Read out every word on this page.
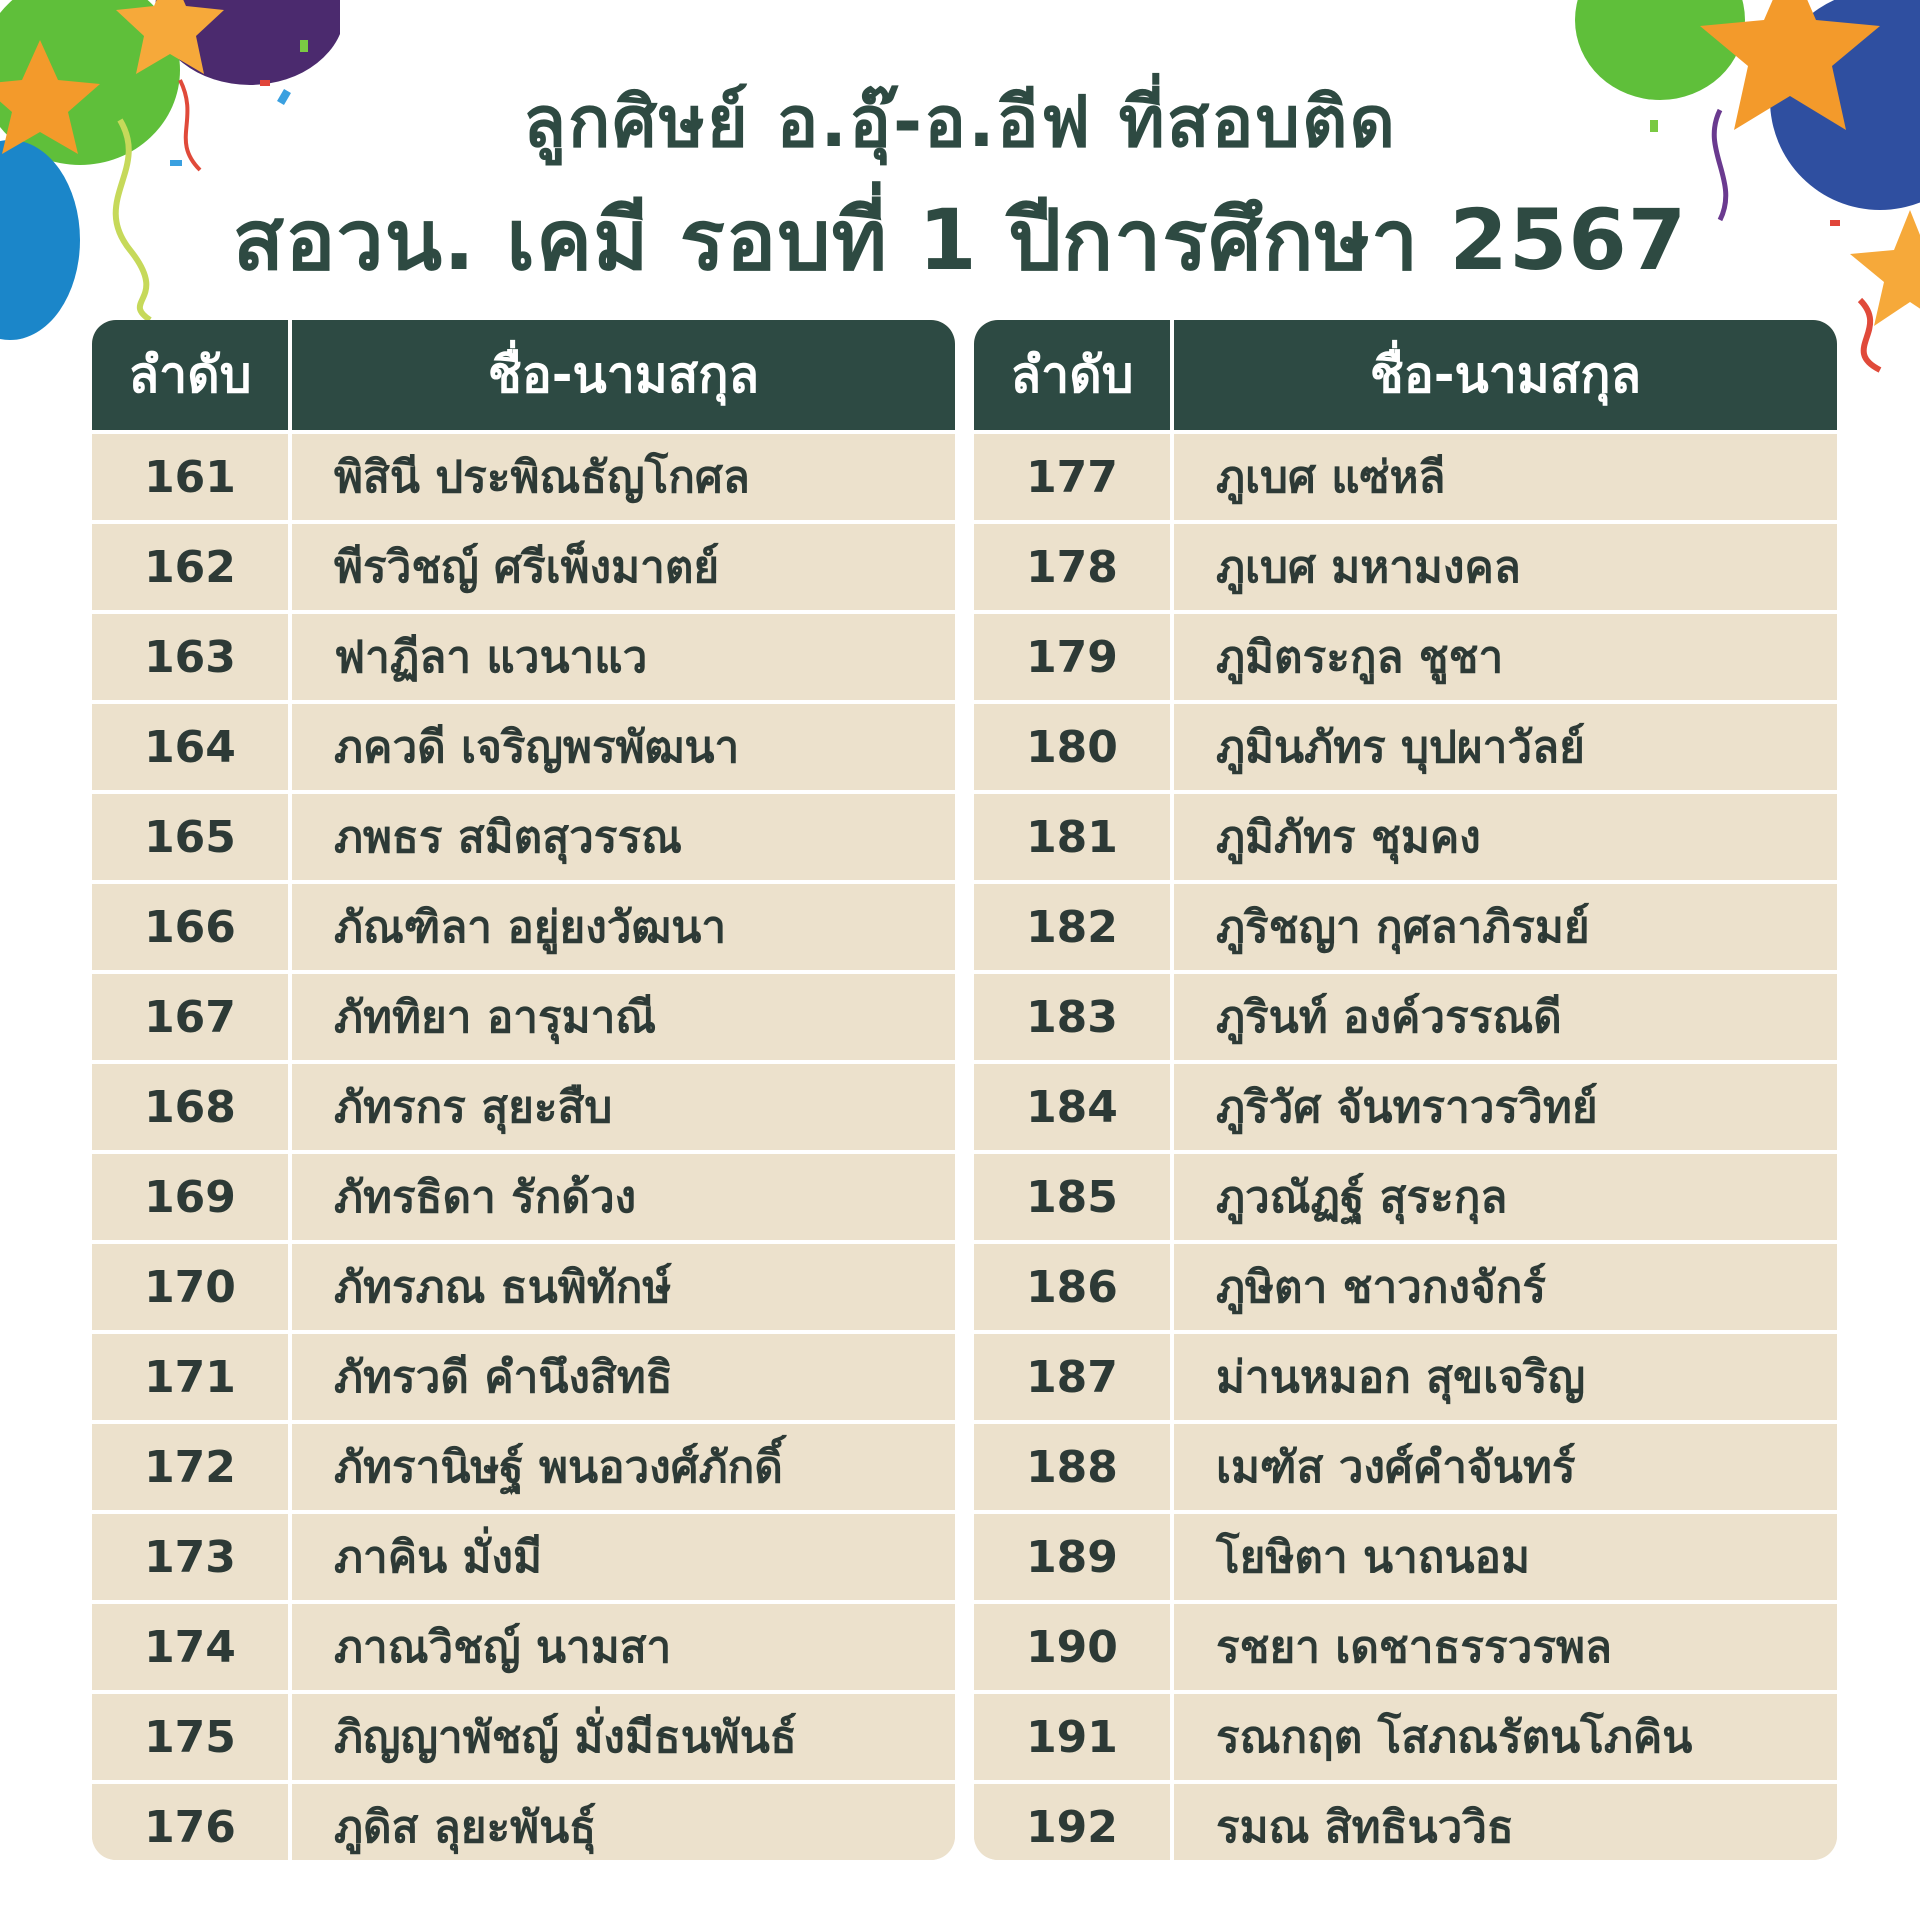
ลูกศิษย์ อ.อุ๊-อ.อีฟ ที่สอบติด
สอวน. เคมี รอบที่ 1 ปีการศึกษา 2567
ลำดับ	ชื่อ-นามสกุล
161	พิสินี ประพิณธัญโกศล
162	พีรวิชญ์ ศรีเพ็งมาตย์
163	ฟาฏีลา แวนาแว
164	ภควดี เจริญพรพัฒนา
165	ภพธร สมิตสุวรรณ
166	ภัณฑิลา อยู่ยงวัฒนา
167	ภัททิยา อารุมาณี
168	ภัทรกร สุยะสืบ
169	ภัทรธิดา รักด้วง
170	ภัทรภณ ธนพิทักษ์
171	ภัทรวดี คำนึงสิทธิ
172	ภัทรานิษฐ์ พนอวงศ์ภักดิ์
173	ภาคิน มั่งมี
174	ภาณวิชญ์ นามสา
175	ภิญญาพัชญ์ มั่งมีธนพันธ์
176	ภูดิส ลุยะพันธุ์
ลำดับ	ชื่อ-นามสกุล
177	ภูเบศ แซ่หลี
178	ภูเบศ มหามงคล
179	ภูมิตระกูล ชูชา
180	ภูมินภัทร บุปผาวัลย์
181	ภูมิภัทร ชุมคง
182	ภูริชญา กุศลาภิรมย์
183	ภูรินท์ องค์วรรณดี
184	ภูริวัศ จันทราวรวิทย์
185	ภูวณัฏฐ์ สุระกุล
186	ภูษิตา ชาวกงจักร์
187	ม่านหมอก สุขเจริญ
188	เมฑัส วงศ์คำจันทร์
189	โยษิตา นาถนอม
190	รชยา เดชาธรรวรพล
191	รณกฤต โสภณรัตนโภคิน
192	รมณ สิทธินววิธ
